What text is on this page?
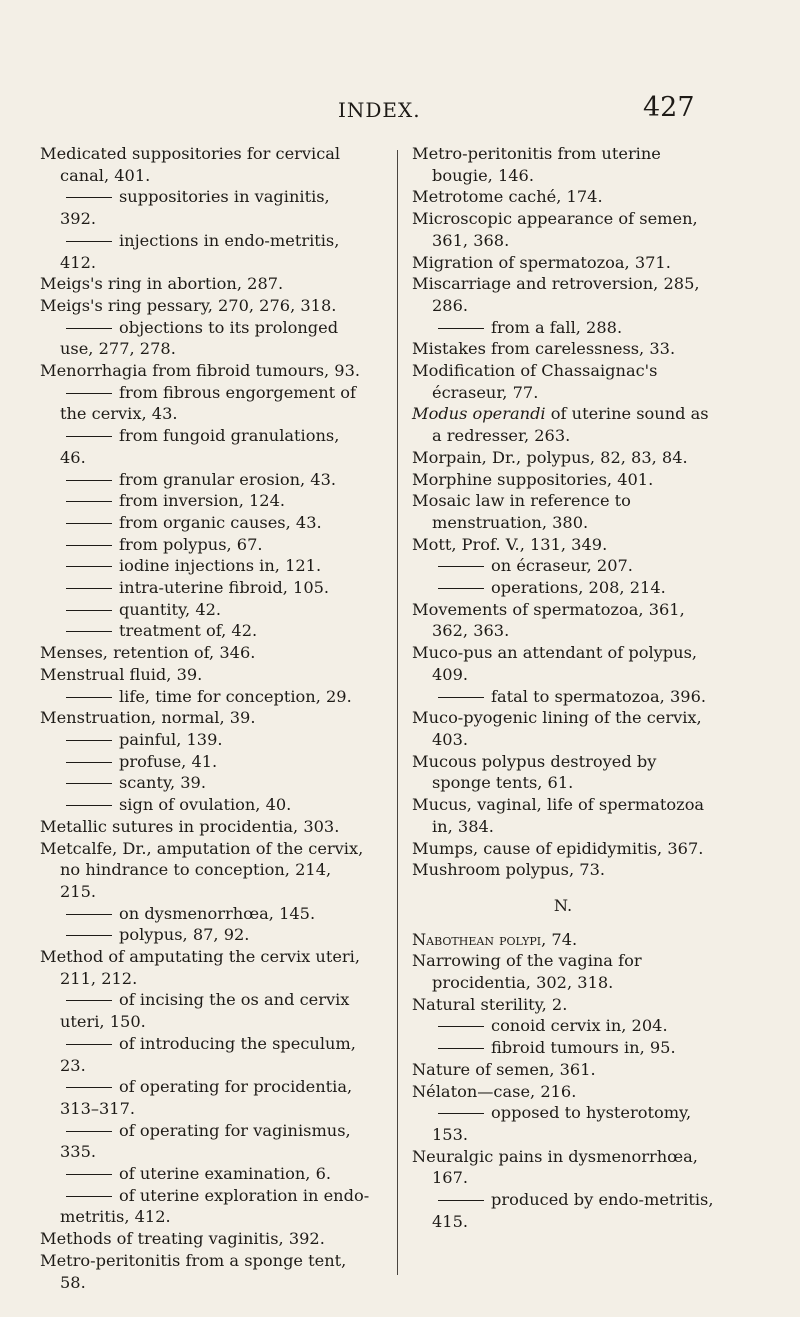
INDEX.	427
Medicated suppositories for cervical canal, 401.
suppositories in vaginitis, 392.
injections in endo-metritis, 412.
Meigs's ring in abortion, 287.
Meigs's ring pessary, 270, 276, 318.
objections to its prolonged use, 277, 278.
Menorrhagia from fibroid tumours, 93.
from fibrous engorgement of the cervix, 43.
from fungoid granulations, 46.
from granular erosion, 43.
from inversion, 124.
from organic causes, 43.
from polypus, 67.
iodine injections in, 121.
intra-uterine fibroid, 105.
quantity, 42.
treatment of, 42.
Menses, retention of, 346.
Menstrual fluid, 39.
life, time for conception, 29.
Menstruation, normal, 39.
painful, 139.
profuse, 41.
scanty, 39.
sign of ovulation, 40.
Metallic sutures in procidentia, 303.
Metcalfe, Dr., amputation of the cervix, no hindrance to conception, 214, 215.
on dysmenorrhœa, 145.
polypus, 87, 92.
Method of amputating the cervix uteri, 211, 212.
of incising the os and cervix uteri, 150.
of introducing the speculum, 23.
of operating for procidentia, 313–317.
of operating for vaginismus, 335.
of uterine examination, 6.
of uterine exploration in endo-metritis, 412.
Methods of treating vaginitis, 392.
Metro-peritonitis from a sponge tent, 58.
Metro-peritonitis from uterine bougie, 146.
Metrotome caché, 174.
Microscopic appearance of semen, 361, 368.
Migration of spermatozoa, 371.
Miscarriage and retroversion, 285, 286.
from a fall, 288.
Mistakes from carelessness, 33.
Modification of Chassaignac's écraseur, 77.
Modus operandi of uterine sound as a redresser, 263.
Morpain, Dr., polypus, 82, 83, 84.
Morphine suppositories, 401.
Mosaic law in reference to menstruation, 380.
Mott, Prof. V., 131, 349.
on écraseur, 207.
operations, 208, 214.
Movements of spermatozoa, 361, 362, 363.
Muco-pus an attendant of polypus, 409.
fatal to spermatozoa, 396.
Muco-pyogenic lining of the cervix, 403.
Mucous polypus destroyed by sponge tents, 61.
Mucus, vaginal, life of spermatozoa in, 384.
Mumps, cause of epididymitis, 367.
Mushroom polypus, 73.
N.
Nabothean polypi, 74.
Narrowing of the vagina for procidentia, 302, 318.
Natural sterility, 2.
conoid cervix in, 204.
fibroid tumours in, 95.
Nature of semen, 361.
Nélaton—case, 216.
opposed to hysterotomy, 153.
Neuralgic pains in dysmenorrhœa, 167.
produced by endo-metritis, 415.
